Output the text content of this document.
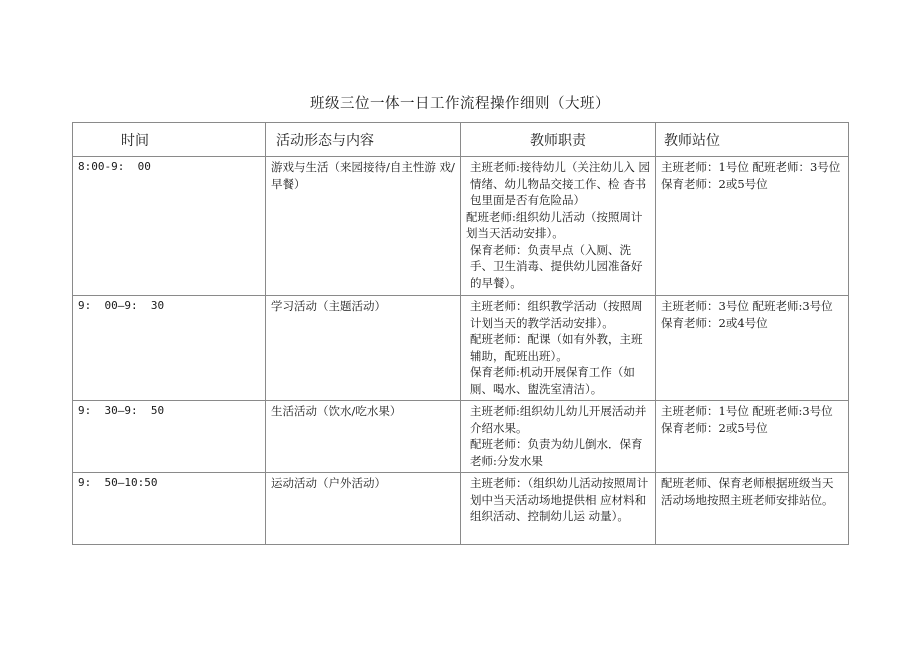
班级三位一体一日工作流程操作细则（大班）
时间	活动形态与内容	教师职责	教师站位
8:00-9:  00	游戏与生活（来园接待/自主性游 戏/早餐）	主班老师:接待幼儿（关注幼儿入 园情绪、幼儿物品交接工作、检 杳书包里面是否有危险品）

配班老师:组织幼儿活动（按照周计划当天活动安排）。

保育老师：负责早点（入厕、洗手、卫生消毒、提供幼儿园准备好的早餐）。	主班老师：1号位 配班老师：3号位 保育老师：2或5号位
9:  00—9:  30	学习活动（主题活动）	主班老师：组织教学活动（按照周计划当天的教学活动安排）。

配班老师：配课（如有外教，主班辅助，配班出班）。

保育老师:机动开展保育工作（如 厕、喝水、盥洗室清洁）。	主班老师：3号位 配班老师:3号位 保育老师：2或4号位
9:  30—9:  50	生活活动（饮水/吃水果）	主班老师:组织幼儿幼儿开展活动并介绍水果。

配班老师：负责为幼儿倒水．保育老师:分发水果	主班老师：1号位 配班老师:3号位 保育老师：2或5号位
9:  50—10:50	运动活动（户外活动）	主班老师：（组织幼儿活动按照周计划中当天活动场地提供相 应材料和组织活动、控制幼儿运 动量）。	配班老师、保育老师根据班级当天活动场地按照主班老师安排站位。
